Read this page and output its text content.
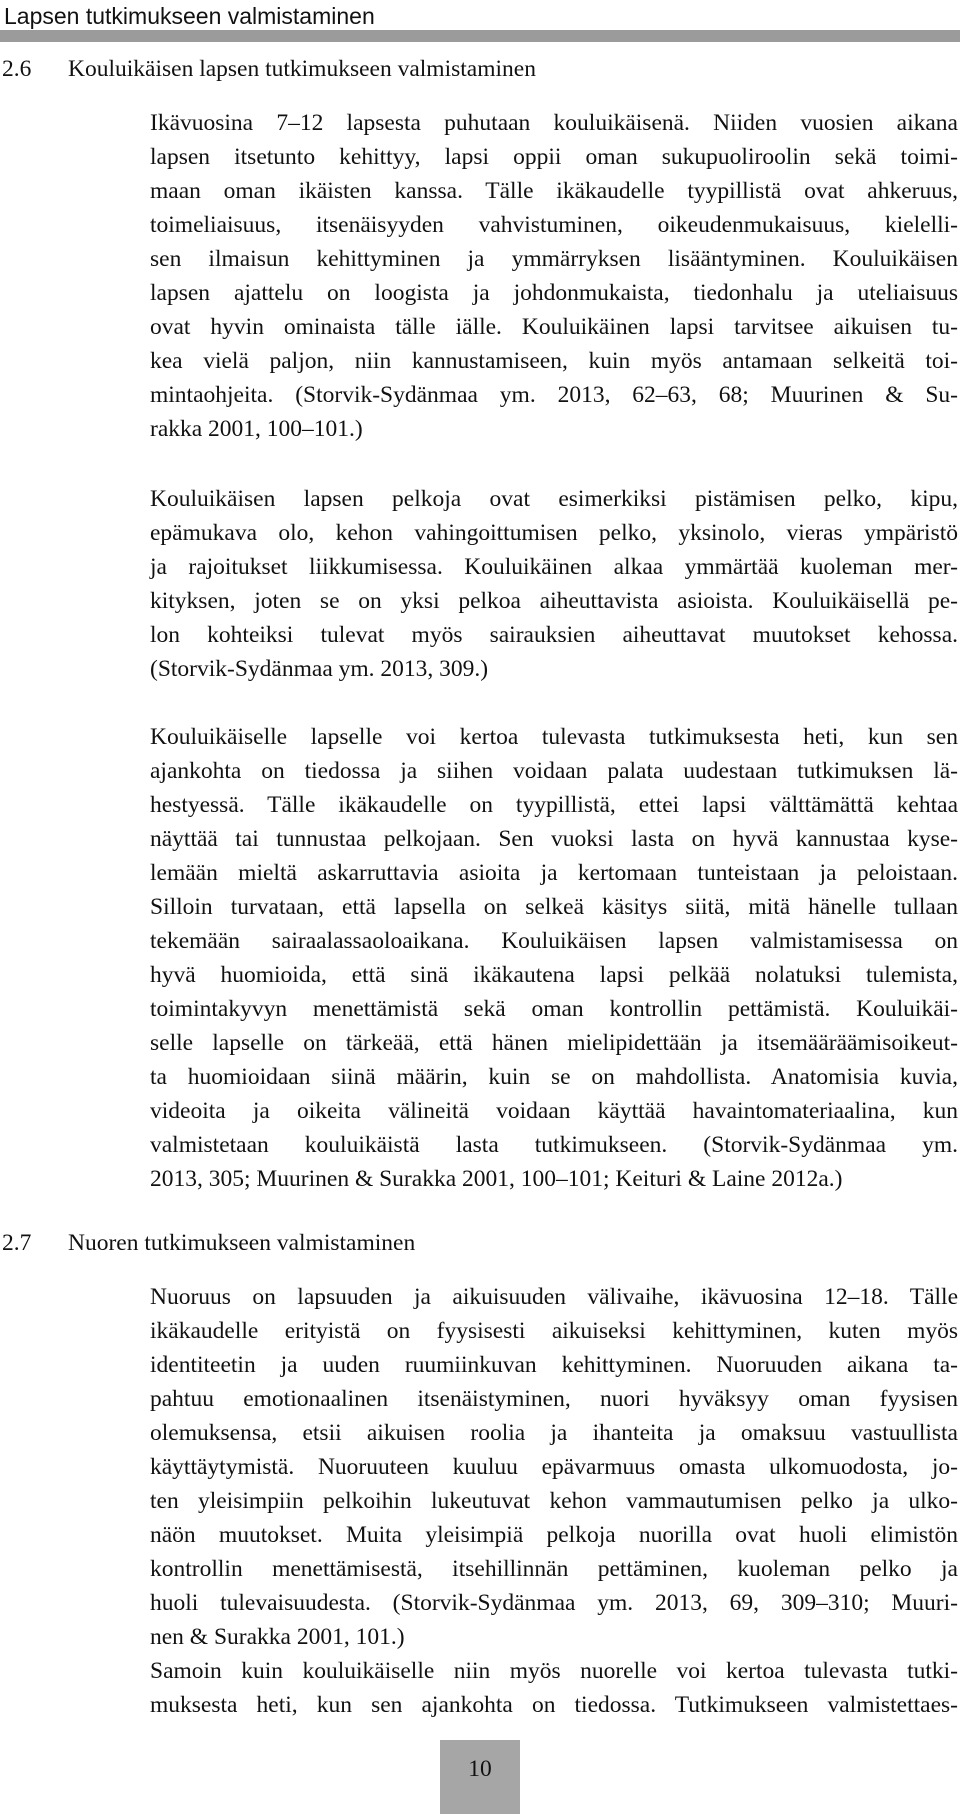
Lapsen tutkimukseen valmistaminen
2.6 Kouluikäisen lapsen tutkimukseen valmistaminen
Ikävuosina 7–12 lapsesta puhutaan kouluikäisenä. Niiden vuosien aikana
lapsen itsetunto kehittyy, lapsi oppii oman sukupuoliroolin sekä toimi-
maan oman ikäisten kanssa. Tälle ikäkaudelle tyypillistä ovat ahkeruus,
toimeliaisuus, itsenäisyyden vahvistuminen, oikeudenmukaisuus, kielelli-
sen ilmaisun kehittyminen ja ymmärryksen lisääntyminen. Kouluikäisen
lapsen ajattelu on loogista ja johdonmukaista, tiedonhalu ja uteliaisuus
ovat hyvin ominaista tälle iälle. Kouluikäinen lapsi tarvitsee aikuisen tu-
kea vielä paljon, niin kannustamiseen, kuin myös antamaan selkeitä toi-
mintaohjeita. (Storvik-Sydänmaa ym. 2013, 62–63, 68; Muurinen & Su-
rakka 2001, 100–101.)
Kouluikäisen lapsen pelkoja ovat esimerkiksi pistämisen pelko, kipu,
epämukava olo, kehon vahingoittumisen pelko, yksinolo, vieras ympäristö
ja rajoitukset liikkumisessa. Kouluikäinen alkaa ymmärtää kuoleman mer-
kityksen, joten se on yksi pelkoa aiheuttavista asioista. Kouluikäisellä pe-
lon kohteiksi tulevat myös sairauksien aiheuttavat muutokset kehossa.
(Storvik-Sydänmaa ym. 2013, 309.)
Kouluikäiselle lapselle voi kertoa tulevasta tutkimuksesta heti, kun sen
ajankohta on tiedossa ja siihen voidaan palata uudestaan tutkimuksen lä-
hestyessä. Tälle ikäkaudelle on tyypillistä, ettei lapsi välttämättä kehtaa
näyttää tai tunnustaa pelkojaan. Sen vuoksi lasta on hyvä kannustaa kyse-
lemään mieltä askarruttavia asioita ja kertomaan tunteistaan ja peloistaan.
Silloin turvataan, että lapsella on selkeä käsitys siitä, mitä hänelle tullaan
tekemään sairaalassaoloaikana. Kouluikäisen lapsen valmistamisessa on
hyvä huomioida, että sinä ikäkautena lapsi pelkää nolatuksi tulemista,
toimintakyvyn menettämistä sekä oman kontrollin pettämistä. Kouluikäi-
selle lapselle on tärkeää, että hänen mielipidettään ja itsemääräämisoikeut-
ta huomioidaan siinä määrin, kuin se on mahdollista. Anatomisia kuvia,
videoita ja oikeita välineitä voidaan käyttää havaintomateriaalina, kun
valmistetaan kouluikäistä lasta tutkimukseen. (Storvik-Sydänmaa ym.
2013, 305; Muurinen & Surakka 2001, 100–101; Keituri & Laine 2012a.)
2.7 Nuoren tutkimukseen valmistaminen
Nuoruus on lapsuuden ja aikuisuuden välivaihe, ikävuosina 12–18. Tälle
ikäkaudelle erityistä on fyysisesti aikuiseksi kehittyminen, kuten myös
identiteetin ja uuden ruumiinkuvan kehittyminen. Nuoruuden aikana ta-
pahtuu emotionaalinen itsenäistyminen, nuori hyväksyy oman fyysisen
olemuksensa, etsii aikuisen roolia ja ihanteita ja omaksuu vastuullista
käyttäytymistä. Nuoruuteen kuuluu epävarmuus omasta ulkomuodosta, jo-
ten yleisimpiin pelkoihin lukeutuvat kehon vammautumisen pelko ja ulko-
näön muutokset. Muita yleisimpiä pelkoja nuorilla ovat huoli elimistön
kontrollin menettämisestä, itsehillinnän pettäminen, kuoleman pelko ja
huoli tulevaisuudesta. (Storvik-Sydänmaa ym. 2013, 69, 309–310; Muuri-
nen & Surakka 2001, 101.)
Samoin kuin kouluikäiselle niin myös nuorelle voi kertoa tulevasta tutki-
muksesta heti, kun sen ajankohta on tiedossa. Tutkimukseen valmistettaes-
10
